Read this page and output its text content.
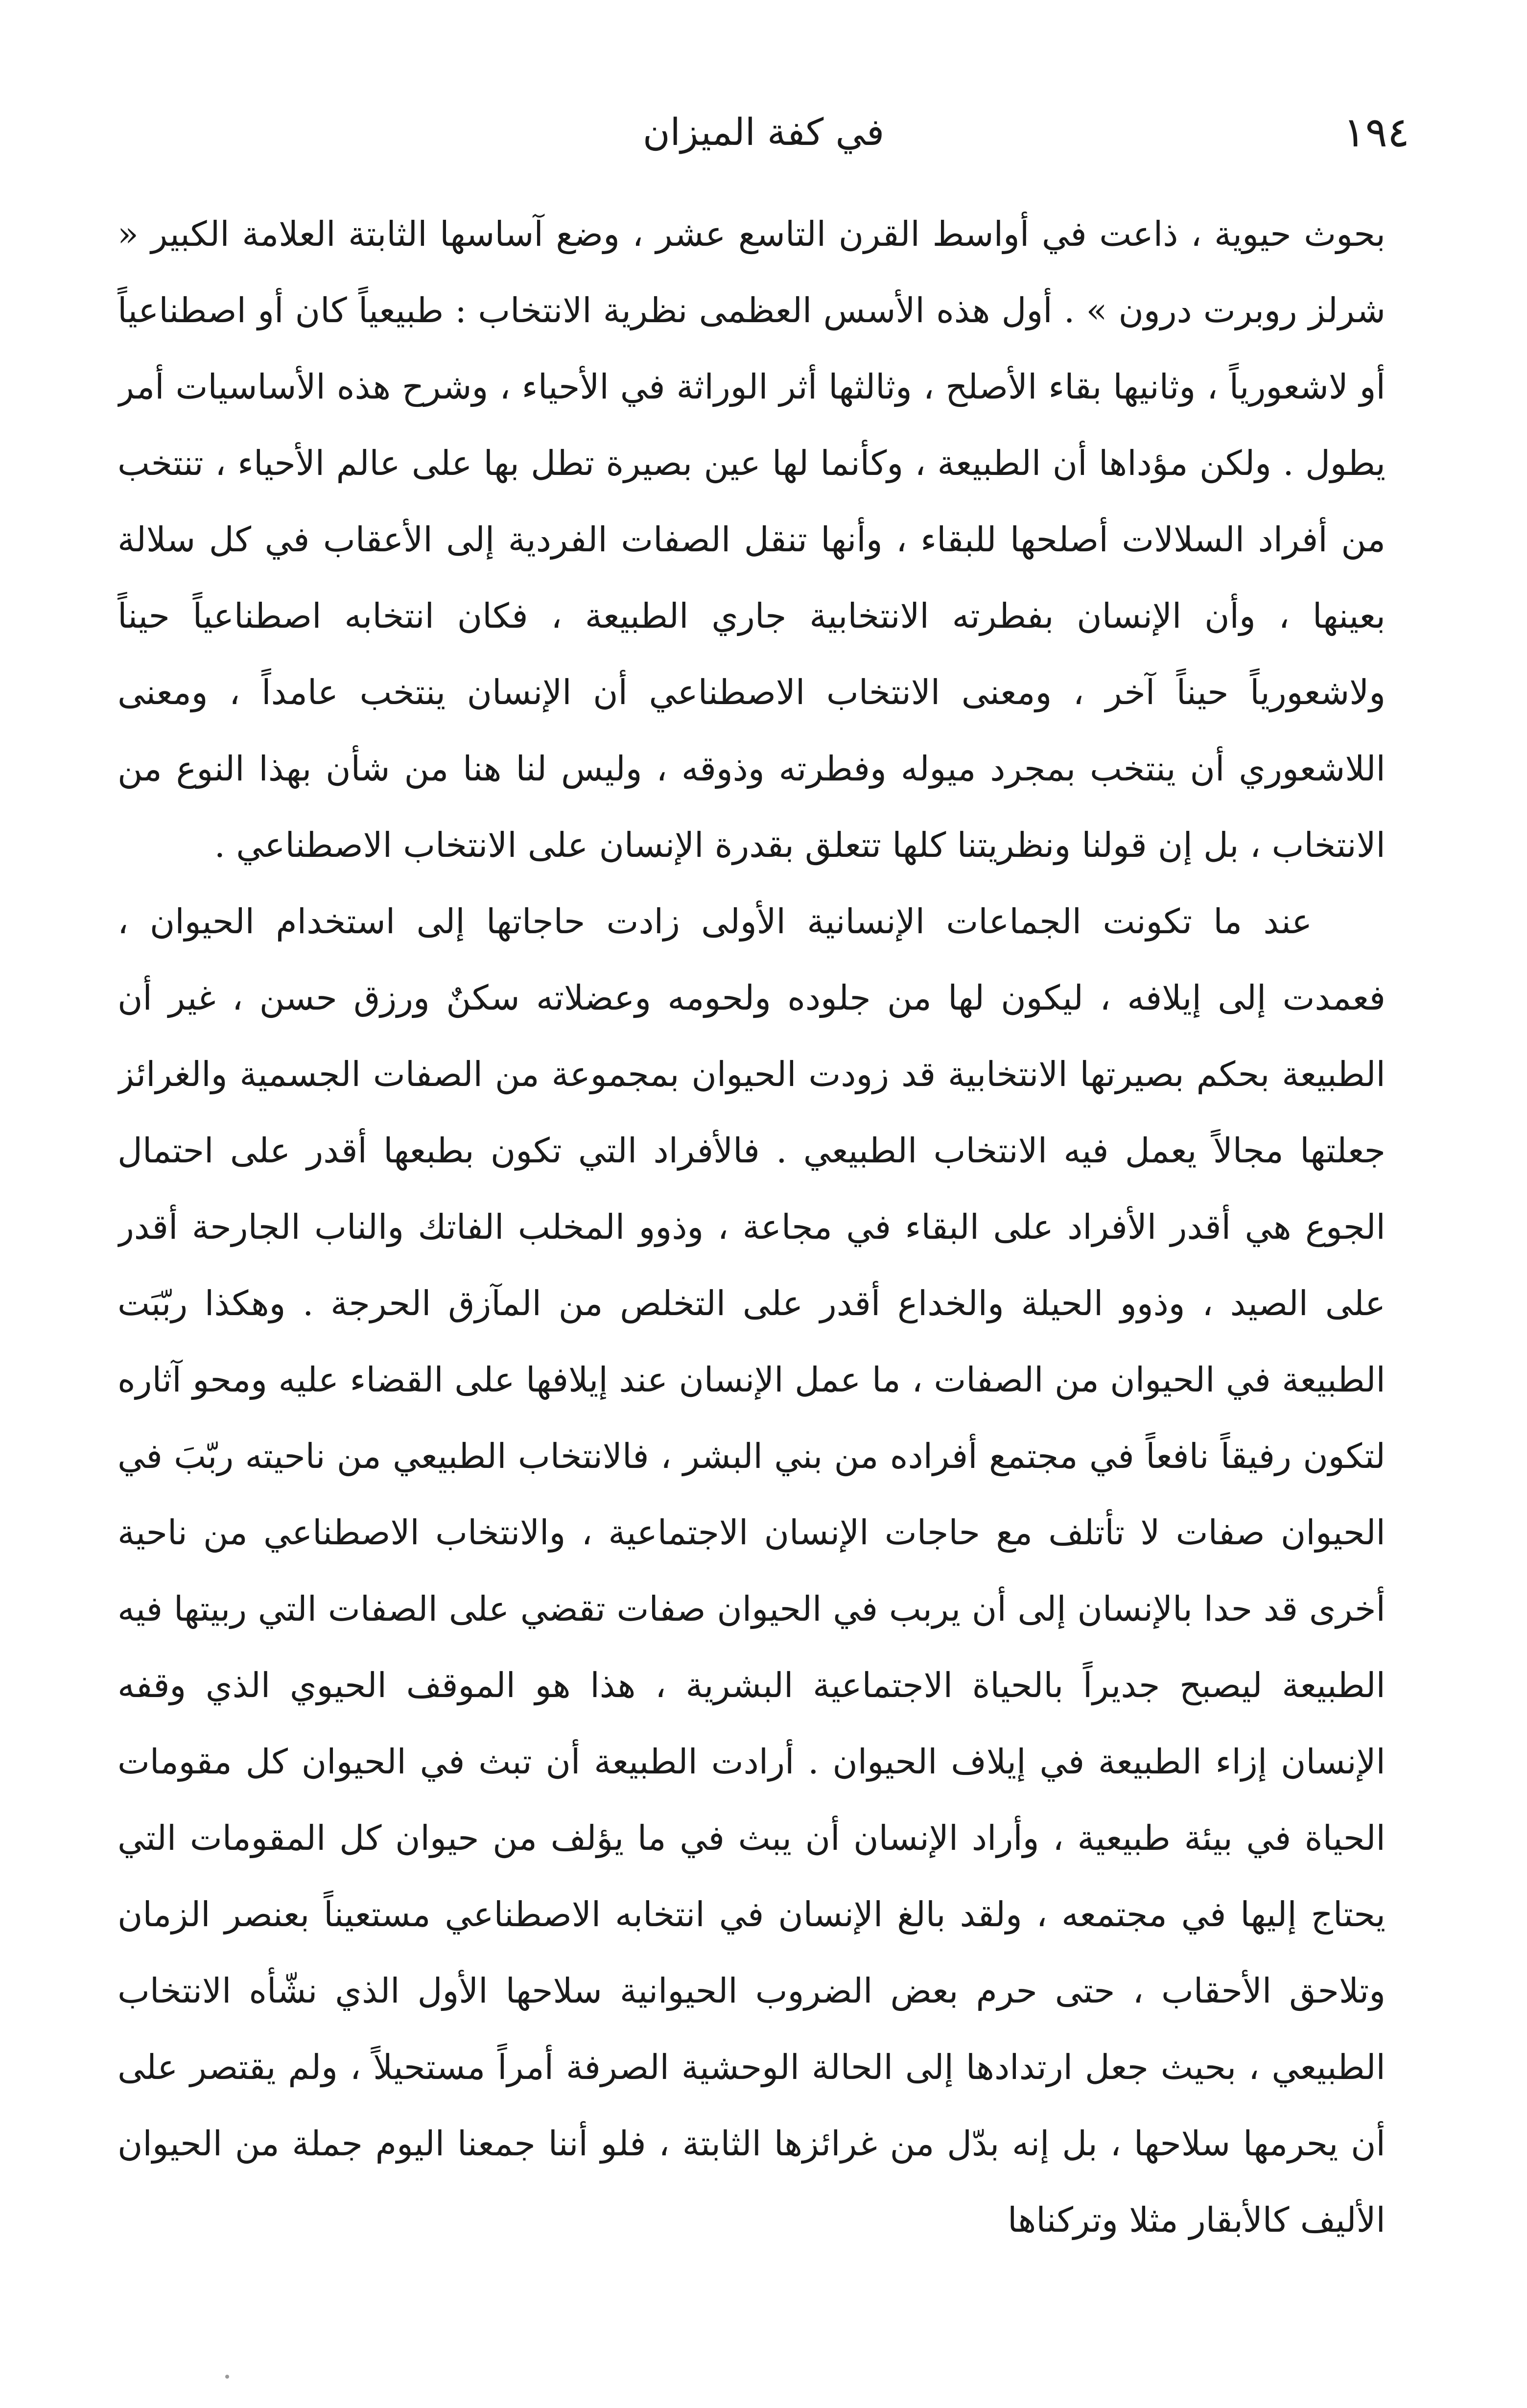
١٩٤
في كفة الميزان

بحوث حيوية ، ذاعت في أواسط القرن التاسع عشر ، وضع آساسها الثابتة العلامة الكبير « شرلز روبرت درون » . أول هذه الأسس العظمى نظرية الانتخاب : طبيعياً كان أو اصطناعياً أو لاشعورياً ، وثانيها بقاء الأصلح ، وثالثها أثر الوراثة في الأحياء ، وشرح هذه الأساسيات أمر يطول . ولكن مؤداها أن الطبيعة ، وكأنما لها عين بصيرة تطل بها على عالم الأحياء ، تنتخب من أفراد السلالات أصلحها للبقاء ، وأنها تنقل الصفات الفردية إلى الأعقاب في كل سلالة بعينها ، وأن الإنسان بفطرته الانتخابية جاري الطبيعة ، فكان انتخابه اصطناعياً حيناً ولاشعورياً حيناً آخر ، ومعنى الانتخاب الاصطناعي أن الإنسان ينتخب عامداً ، ومعنى اللاشعوري أن ينتخب بمجرد ميوله وفطرته وذوقه ، وليس لنا هنا من شأن بهذا النوع من الانتخاب ، بل إن قولنا ونظريتنا كلها تتعلق بقدرة الإنسان على الانتخاب الاصطناعي .

عند ما تكونت الجماعات الإنسانية الأولى زادت حاجاتها إلى استخدام الحيوان ، فعمدت إلى إيلافه ، ليكون لها من جلوده ولحومه وعضلاته سكنٌ ورزق حسن ، غير أن الطبيعة بحكم بصيرتها الانتخابية قد زودت الحيوان بمجموعة من الصفات الجسمية والغرائز جعلتها مجالاً يعمل فيه الانتخاب الطبيعي . فالأفراد التي تكون بطبعها أقدر على احتمال الجوع هي أقدر الأفراد على البقاء في مجاعة ، وذوو المخلب الفاتك والناب الجارحة أقدر على الصيد ، وذوو الحيلة والخداع أقدر على التخلص من المآزق الحرجة . وهكذا ربّبَت الطبيعة في الحيوان من الصفات ، ما عمل الإنسان عند إيلافها على القضاء عليه ومحو آثاره لتكون رفيقاً نافعاً في مجتمع أفراده من بني البشر ، فالانتخاب الطبيعي من ناحيته ربّبَ في الحيوان صفات لا تأتلف مع حاجات الإنسان الاجتماعية ، والانتخاب الاصطناعي من ناحية أخرى قد حدا بالإنسان إلى أن يربب في الحيوان صفات تقضي على الصفات التي ربيتها فيه الطبيعة ليصبح جديراً بالحياة الاجتماعية البشرية ، هذا هو الموقف الحيوي الذي وقفه الإنسان إزاء الطبيعة في إيلاف الحيوان . أرادت الطبيعة أن تبث في الحيوان كل مقومات الحياة في بيئة طبيعية ، وأراد الإنسان أن يبث في ما يؤلف من حيوان كل المقومات التي يحتاج إليها في مجتمعه ، ولقد بالغ الإنسان في انتخابه الاصطناعي مستعيناً بعنصر الزمان وتلاحق الأحقاب ، حتى حرم بعض الضروب الحيوانية سلاحها الأول الذي نشّأه الانتخاب الطبيعي ، بحيث جعل ارتدادها إلى الحالة الوحشية الصرفة أمراً مستحيلاً ، ولم يقتصر على أن يحرمها سلاحها ، بل إنه بدّل من غرائزها الثابتة ، فلو أننا جمعنا اليوم جملة من الحيوان الأليف كالأبقار مثلا وتركناها
